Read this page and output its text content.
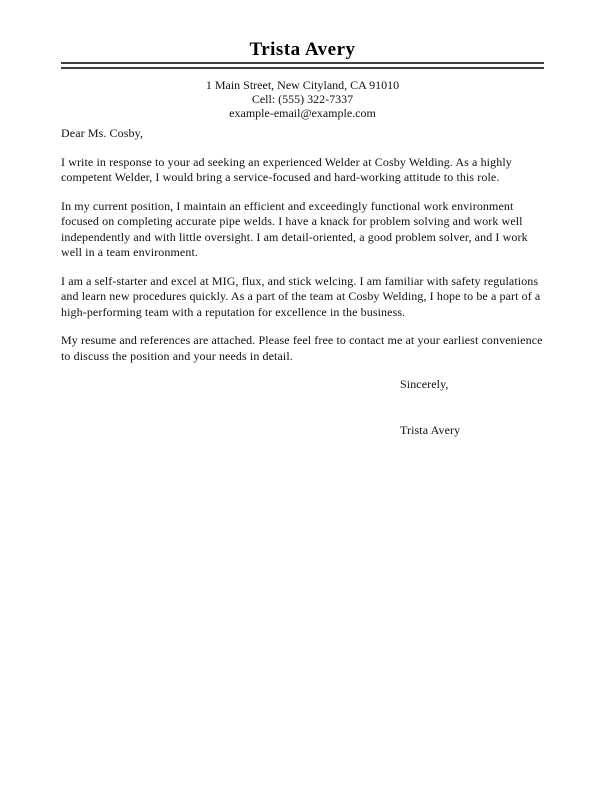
Trista Avery
1 Main Street, New Cityland, CA 91010
Cell: (555) 322-7337
example-email@example.com
Dear Ms. Cosby,

I write in response to your ad seeking an experienced Welder at Cosby Welding. As a highly competent Welder, I would bring a service-focused and hard-working attitude to this role.

In my current position, I maintain an efficient and exceedingly functional work environment focused on completing accurate pipe welds. I have a knack for problem solving and work well independently and with little oversight. I am detail-oriented, a good problem solver, and I work well in a team environment.

I am a self-starter and excel at MIG, flux, and stick welcing. I am familiar with safety regulations and learn new procedures quickly. As a part of the team at Cosby Welding, I hope to be a part of a high-performing team with a reputation for excellence in the business.

My resume and references are attached. Please feel free to contact me at your earliest convenience to discuss the position and your needs in detail.

Sincerely,
Trista Avery
